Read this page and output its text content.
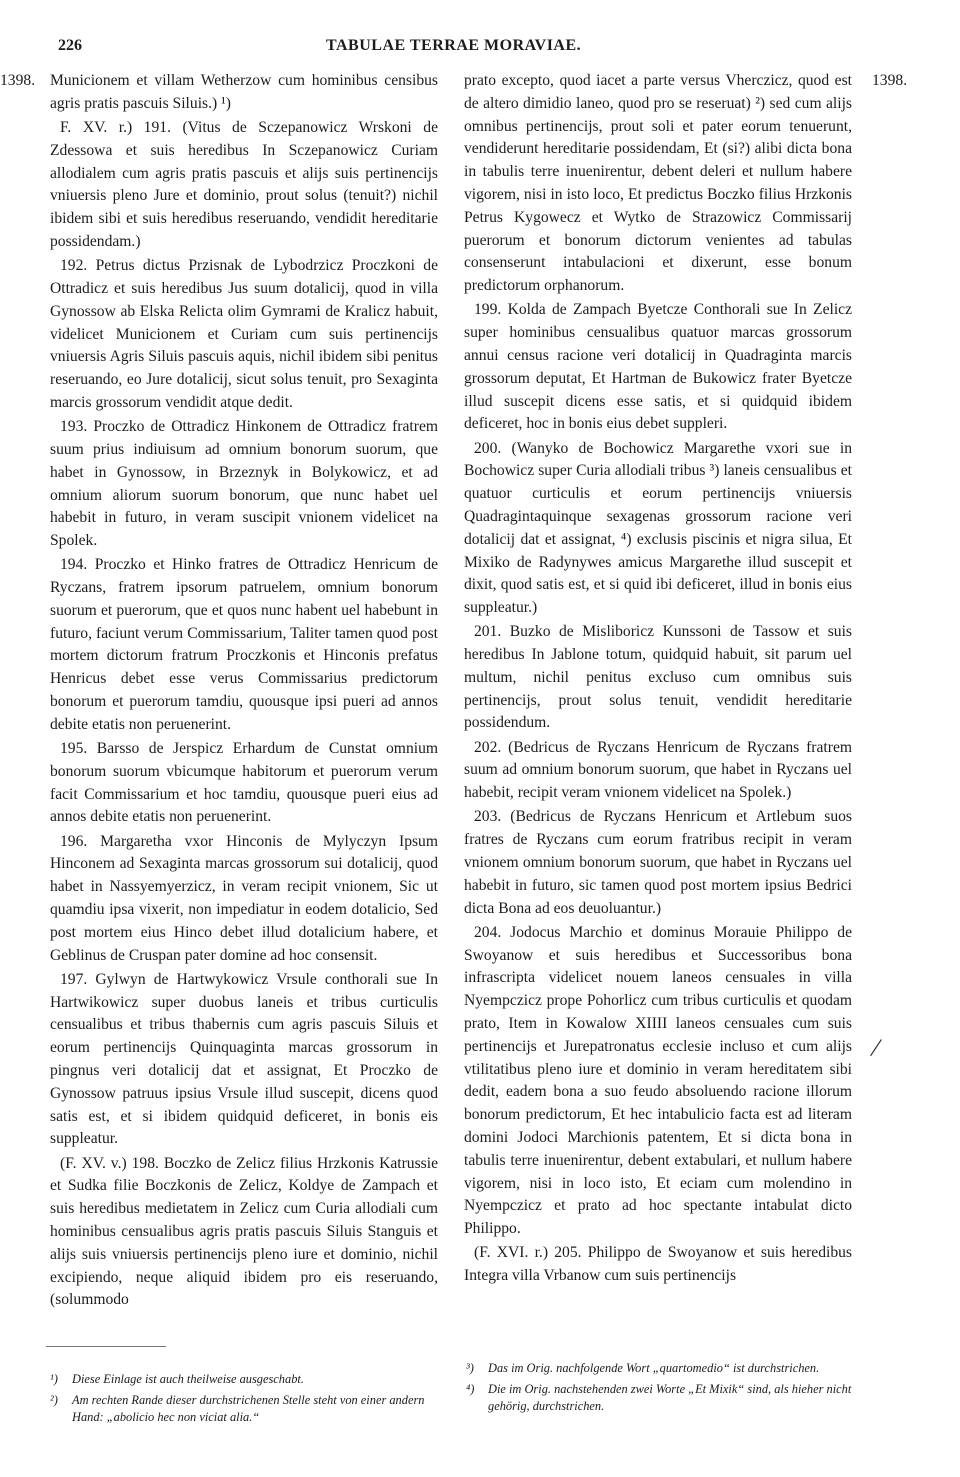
226	TABULAE TERRAE MORAVIAE.
1398.	1398.
/

Municionem et villam Wetherzow cum hominibus censibus agris pratis pascuis Siluis.) ¹)

F. XV. r.) 191. (Vitus de Sczepanowicz Wrskoni de Zdessowa et suis heredibus In Sczepanowicz Curiam allodialem cum agris pratis pascuis et alijs suis pertinencijs vniuersis pleno Jure et dominio, prout solus (tenuit?) nichil ibidem sibi et suis heredibus reseruando, vendidit hereditarie possidendam.)

192. Petrus dictus Przisnak de Lybodrzicz Proczkoni de Ottradicz et suis heredibus Jus suum dotalicij, quod in villa Gynossow ab Elska Relicta olim Gymrami de Kralicz habuit, videlicet Municionem et Curiam cum suis pertinencijs vniuersis Agris Siluis pascuis aquis, nichil ibidem sibi penitus reseruando, eo Jure dotalicij, sicut solus tenuit, pro Sexaginta marcis grossorum vendidit atque dedit.

193. Proczko de Ottradicz Hinkonem de Ottradicz fratrem suum prius indiuisum ad omnium bonorum suorum, que habet in Gynossow, in Brzeznyk in Bolykowicz, et ad omnium aliorum suorum bonorum, que nunc habet uel habebit in futuro, in veram suscipit vnionem videlicet na Spolek.

194. Proczko et Hinko fratres de Ottradicz Henricum de Ryczans, fratrem ipsorum patruelem, omnium bonorum suorum et puerorum, que et quos nunc habent uel habebunt in futuro, faciunt verum Commissarium, Taliter tamen quod post mortem dictorum fratrum Proczkonis et Hinconis prefatus Henricus debet esse verus Commissarius predictorum bonorum et puerorum tamdiu, quousque ipsi pueri ad annos debite etatis non peruenerint.

195. Barsso de Jerspicz Erhardum de Cunstat omnium bonorum suorum vbicumque habitorum et puerorum verum facit Commissarium et hoc tamdiu, quousque pueri eius ad annos debite etatis non peruenerint.

196. Margaretha vxor Hinconis de Mylyczyn Ipsum Hinconem ad Sexaginta marcas grossorum sui dotalicij, quod habet in Nassyemyerzicz, in veram recipit vnionem, Sic ut quamdiu ipsa vixerit, non impediatur in eodem dotalicio, Sed post mortem eius Hinco debet illud dotalicium habere, et Geblinus de Cruspan pater domine ad hoc consensit.

197. Gylwyn de Hartwykowicz Vrsule conthorali sue In Hartwikowicz super duobus laneis et tribus curticulis censualibus et tribus thabernis cum agris pascuis Siluis et eorum pertinencijs Quinquaginta marcas grossorum in pingnus veri dotalicij dat et assignat, Et Proczko de Gynossow patruus ipsius Vrsule illud suscepit, dicens quod satis est, et si ibidem quidquid deficeret, in bonis eis suppleatur.

(F. XV. v.) 198. Boczko de Zelicz filius Hrzkonis Katrussie et Sudka filie Boczkonis de Zelicz, Koldye de Zampach et suis heredibus medietatem in Zelicz cum Curia allodiali cum hominibus censualibus agris pratis pascuis Siluis Stanguis et alijs suis vniuersis pertinencijs pleno iure et dominio, nichil excipiendo, neque aliquid ibidem pro eis reseruando, (solummodo

prato excepto, quod iacet a parte versus Vherczicz, quod est de altero dimidio laneo, quod pro se reseruat) ²) sed cum alijs omnibus pertinencijs, prout soli et pater eorum tenuerunt, vendiderunt hereditarie possidendam, Et (si?) alibi dicta bona in tabulis terre inuenirentur, debent deleri et nullum habere vigorem, nisi in isto loco, Et predictus Boczko filius Hrzkonis Petrus Kygowecz et Wytko de Strazowicz Commissarij puerorum et bonorum dictorum venientes ad tabulas consenserunt intabulacioni et dixerunt, esse bonum predictorum orphanorum.

199. Kolda de Zampach Byetcze Conthorali sue In Zelicz super hominibus censualibus quatuor marcas grossorum annui census racione veri dotalicij in Quadraginta marcis grossorum deputat, Et Hartman de Bukowicz frater Byetcze illud suscepit dicens esse satis, et si quidquid ibidem deficeret, hoc in bonis eius debet suppleri.

200. (Wanyko de Bochowicz Margarethe vxori sue in Bochowicz super Curia allodiali tribus ³) laneis censualibus et quatuor curticulis et eorum pertinencijs vniuersis Quadragintaquinque sexagenas grossorum racione veri dotalicij dat et assignat, ⁴) exclusis piscinis et nigra silua, Et Mixiko de Radynywes amicus Margarethe illud suscepit et dixit, quod satis est, et si quid ibi deficeret, illud in bonis eius suppleatur.)

201. Buzko de Misliboricz Kunssoni de Tassow et suis heredibus In Jablone totum, quidquid habuit, sit parum uel multum, nichil penitus excluso cum omnibus suis pertinencijs, prout solus tenuit, vendidit hereditarie possidendum.

202. (Bedricus de Ryczans Henricum de Ryczans fratrem suum ad omnium bonorum suorum, que habet in Ryczans uel habebit, recipit veram vnionem videlicet na Spolek.)

203. (Bedricus de Ryczans Henricum et Artlebum suos fratres de Ryczans cum eorum fratribus recipit in veram vnionem omnium bonorum suorum, que habet in Ryczans uel habebit in futuro, sic tamen quod post mortem ipsius Bedrici dicta Bona ad eos deuoluantur.)

204. Jodocus Marchio et dominus Morauie Philippo de Swoyanow et suis heredibus et Successoribus bona infrascripta videlicet nouem laneos censuales in villa Nyempczicz prope Pohorlicz cum tribus curticulis et quodam prato, Item in Kowalow XIIII laneos censuales cum suis pertinencijs et Jurepatronatus ecclesie incluso et cum alijs vtilitatibus pleno iure et dominio in veram hereditatem sibi dedit, eadem bona a suo feudo absoluendo racione illorum bonorum predictorum, Et hec intabulicio facta est ad literam domini Jodoci Marchionis patentem, Et si dicta bona in tabulis terre inuenirentur, debent extabulari, et nullum habere vigorem, nisi in loco isto, Et eciam cum molendino in Nyempczicz et prato ad hoc spectante intabulat dicto Philippo.

(F. XVI. r.) 205. Philippo de Swoyanow et suis heredibus Integra villa Vrbanow cum suis pertinencijs

¹) Diese Einlage ist auch theilweise ausgeschabt.
²) Am rechten Rande dieser durchstrichenen Stelle steht von einer andern Hand: „abolicio hec non viciat alia.“
³) Das im Orig. nachfolgende Wort „quartomedio“ ist durchstrichen.
⁴) Die im Orig. nachstehenden zwei Worte „Et Mixik“ sind, als hieher nicht gehörig, durchstrichen.
